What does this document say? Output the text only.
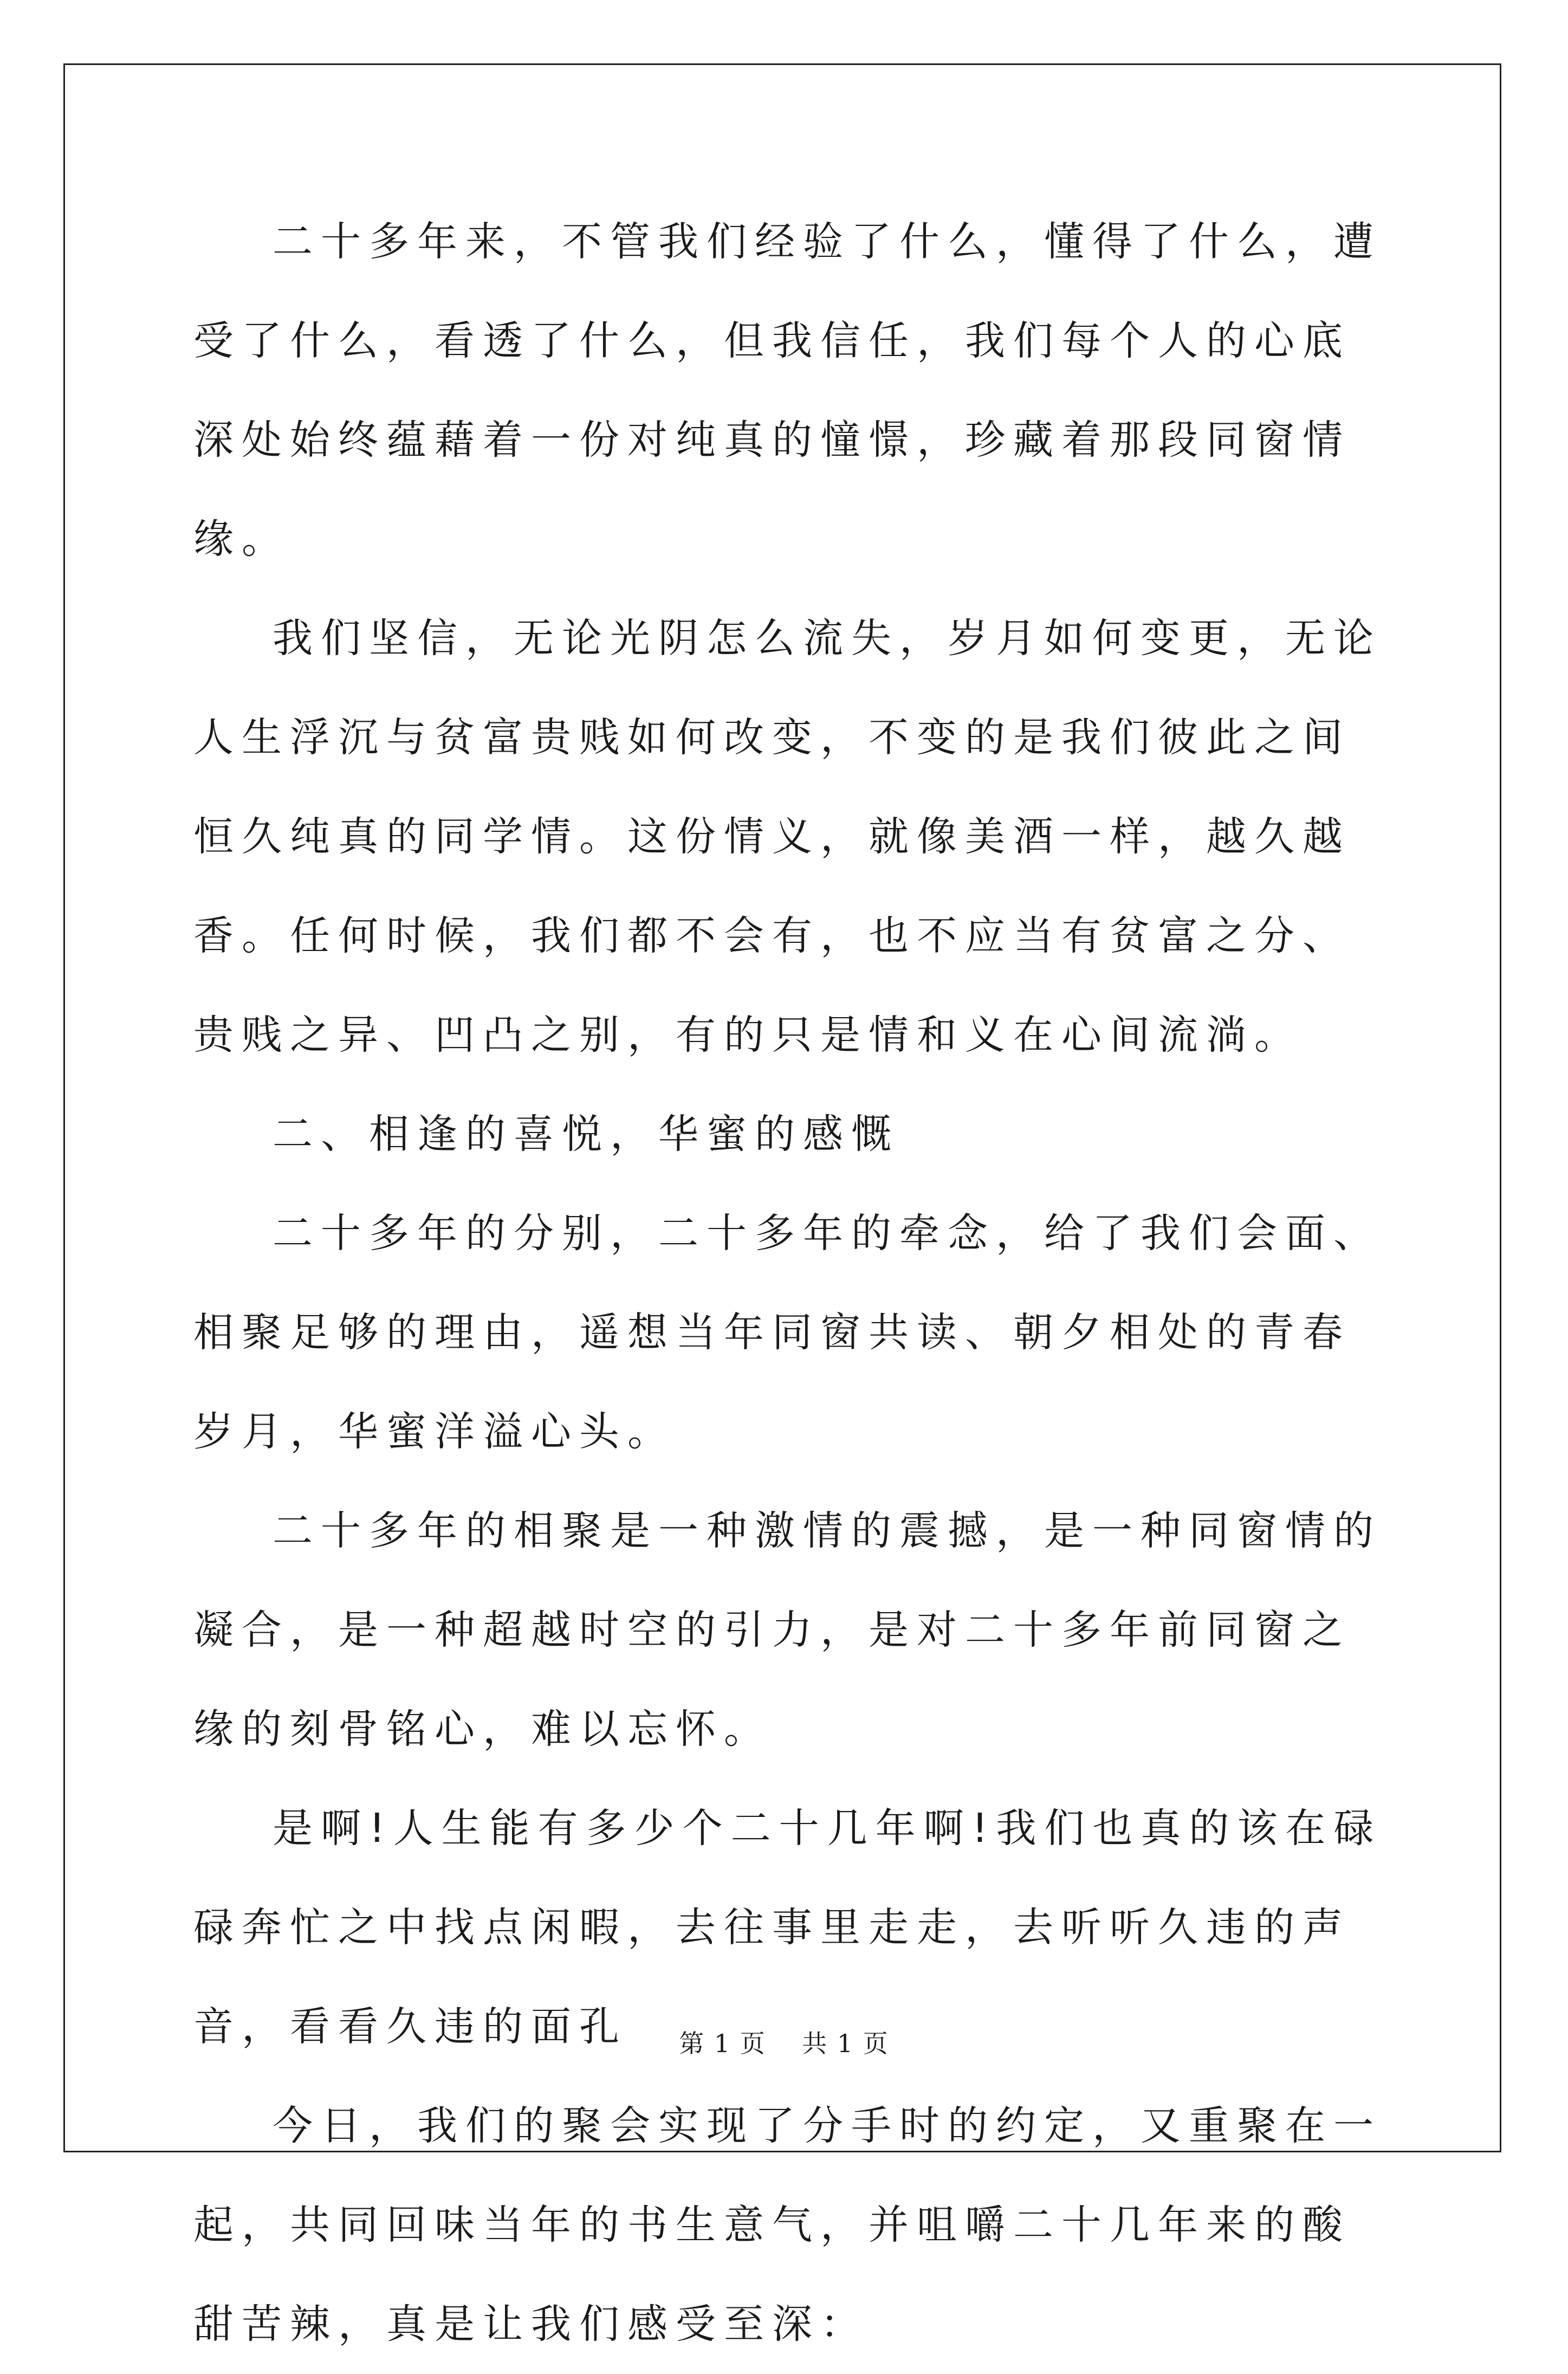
二十多年来，不管我们经验了什么，懂得了什么，遭受了什么，看透了什么，但我信任，我们每个人的心底深处始终蕴藉着一份对纯真的憧憬，珍藏着那段同窗情缘。

我们坚信，无论光阴怎么流失，岁月如何变更，无论人生浮沉与贫富贵贱如何改变，不变的是我们彼此之间恒久纯真的同学情。这份情义，就像美酒一样，越久越香。任何时候，我们都不会有，也不应当有贫富之分、贵贱之异、凹凸之别，有的只是情和义在心间流淌。

二、相逢的喜悦，华蜜的感慨

二十多年的分别，二十多年的牵念，给了我们会面、相聚足够的理由，遥想当年同窗共读、朝夕相处的青春岁月，华蜜洋溢心头。

二十多年的相聚是一种激情的震撼，是一种同窗情的凝合，是一种超越时空的引力，是对二十多年前同窗之缘的刻骨铭心，难以忘怀。

是啊!人生能有多少个二十几年啊!我们也真的该在碌碌奔忙之中找点闲暇，去往事里走走，去听听久违的声音，看看久违的面孔

今日，我们的聚会实现了分手时的约定，又重聚在一起，共同回味当年的书生意气，并咀嚼二十几年来的酸甜苦辣，真是让我们感受至深：

第 1 页 共 1 页
